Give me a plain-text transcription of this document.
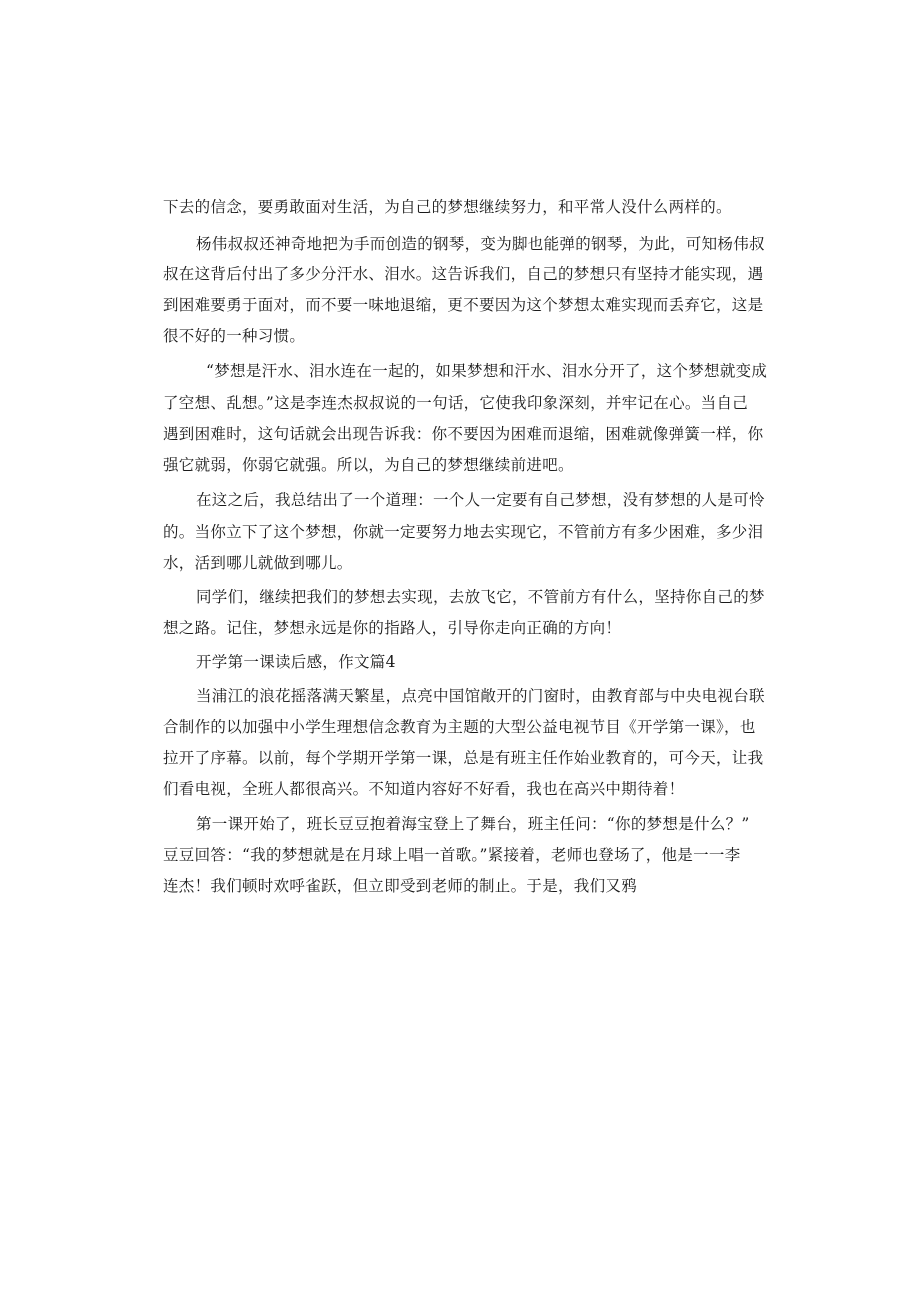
下去的信念，要勇敢面对生活，为自己的梦想继续努力，和平常人没什么两样的。
杨伟叔叔还神奇地把为手而创造的钢琴，变为脚也能弹的钢琴，为此，可知杨伟叔
叔在这背后付出了多少分汗水、泪水。这告诉我们，自己的梦想只有坚持才能实现，遇
到困难要勇于面对，而不要一味地退缩，更不要因为这个梦想太难实现而丢弃它，这是
很不好的一种习惯。
“梦想是汗水、泪水连在一起的，如果梦想和汗水、泪水分开了，这个梦想就变成
了空想、乱想。”这是李连杰叔叔说的一句话，它使我印象深刻，并牢记在心。当自己
遇到困难时，这句话就会出现告诉我：你不要因为困难而退缩，困难就像弹簧一样，你
强它就弱，你弱它就强。所以，为自己的梦想继续前进吧。
在这之后，我总结出了一个道理：一个人一定要有自己梦想，没有梦想的人是可怜
的。当你立下了这个梦想，你就一定要努力地去实现它，不管前方有多少困难，多少泪
水，活到哪儿就做到哪儿。
同学们，继续把我们的梦想去实现，去放飞它，不管前方有什么，坚持你自己的梦
想之路。记住，梦想永远是你的指路人，引导你走向正确的方向！
开学第一课读后感，作文篇4
当浦江的浪花摇落满天繁星，点亮中国馆敞开的门窗时，由教育部与中央电视台联
合制作的以加强中小学生理想信念教育为主题的大型公益电视节目《开学第一课》，也
拉开了序幕。以前，每个学期开学第一课，总是有班主任作始业教育的，可今天，让我
们看电视，全班人都很高兴。不知道内容好不好看，我也在高兴中期待着！
第一课开始了，班长豆豆抱着海宝登上了舞台，班主任问：“你的梦想是什么？”
豆豆回答：“我的梦想就是在月球上唱一首歌。”紧接着，老师也登场了，他是一一李
连杰！我们顿时欢呼雀跃，但立即受到老师的制止。于是，我们又鸦
